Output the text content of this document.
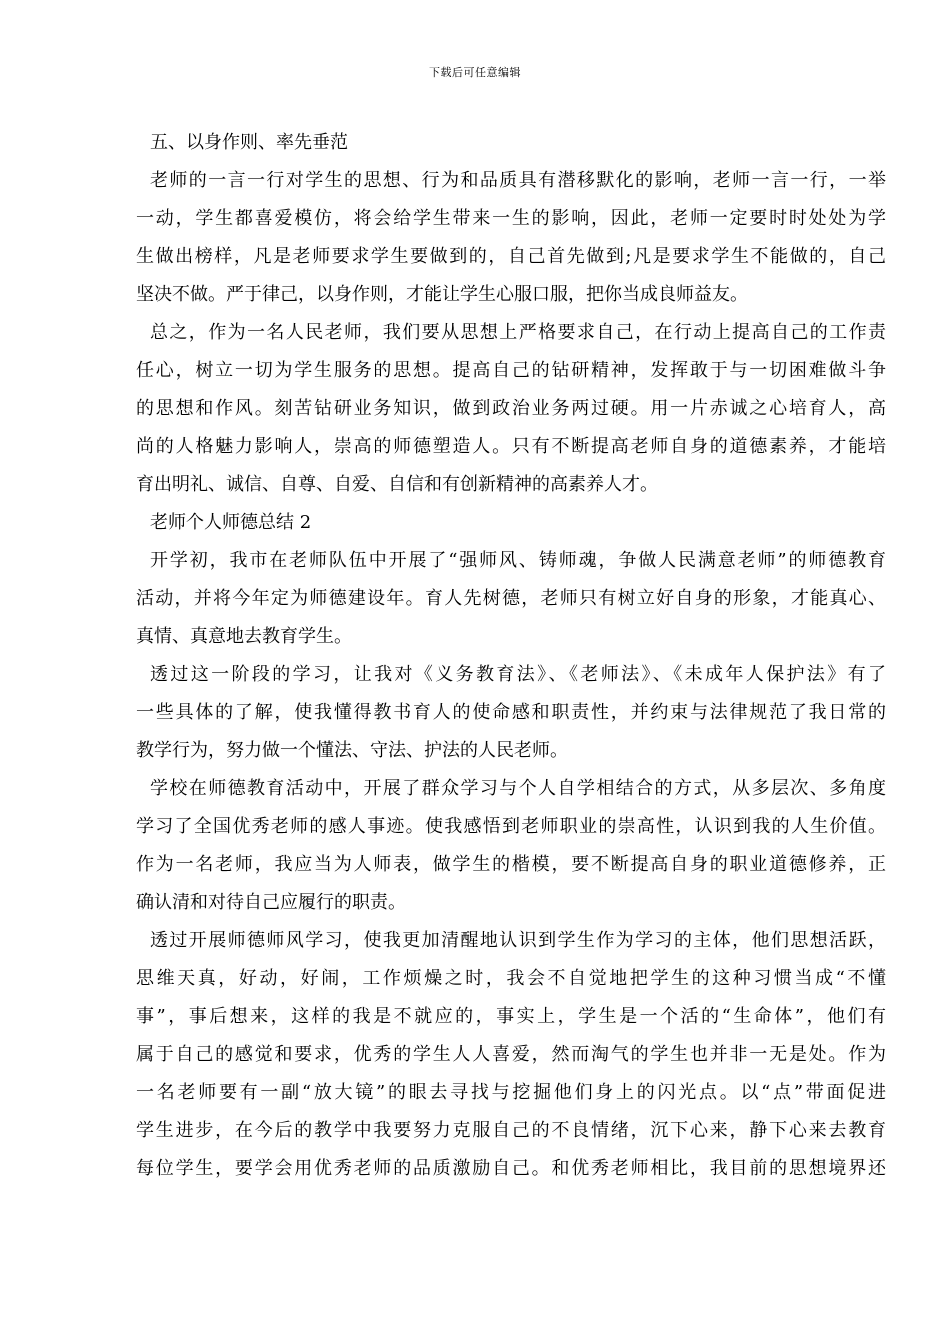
下载后可任意编辑
五、以身作则、率先垂范
老师的一言一行对学生的思想、行为和品质具有潜移默化的影响，老师一言一行，一举
一动，学生都喜爱模仿，将会给学生带来一生的影响，因此，老师一定要时时处处为学
生做出榜样，凡是老师要求学生要做到的，自己首先做到;凡是要求学生不能做的，自己
坚决不做。严于律己，以身作则，才能让学生心服口服，把你当成良师益友。
总之，作为一名人民老师，我们要从思想上严格要求自己，在行动上提高自己的工作责
任心，树立一切为学生服务的思想。提高自己的钻研精神，发挥敢于与一切困难做斗争
的思想和作风。刻苦钻研业务知识，做到政治业务两过硬。用一片赤诚之心培育人，高
尚的人格魅力影响人，崇高的师德塑造人。只有不断提高老师自身的道德素养，才能培
育出明礼、诚信、自尊、自爱、自信和有创新精神的高素养人才。
老师个人师德总结 2
开学初，我市在老师队伍中开展了“强师风、铸师魂，争做人民满意老师”的师德教育
活动，并将今年定为师德建设年。育人先树德，老师只有树立好自身的形象，才能真心、
真情、真意地去教育学生。
透过这一阶段的学习，让我对《义务教育法》、《老师法》、《未成年人保护法》有了
一些具体的了解，使我懂得教书育人的使命感和职责性，并约束与法律规范了我日常的
教学行为，努力做一个懂法、守法、护法的人民老师。
学校在师德教育活动中，开展了群众学习与个人自学相结合的方式，从多层次、多角度
学习了全国优秀老师的感人事迹。使我感悟到老师职业的崇高性，认识到我的人生价值。
作为一名老师，我应当为人师表，做学生的楷模，要不断提高自身的职业道德修养，正
确认清和对待自己应履行的职责。
透过开展师德师风学习，使我更加清醒地认识到学生作为学习的主体，他们思想活跃，
思维天真，好动，好闹，工作烦燥之时，我会不自觉地把学生的这种习惯当成“不懂
事”，事后想来，这样的我是不就应的，事实上，学生是一个活的“生命体”，他们有
属于自己的感觉和要求，优秀的学生人人喜爱，然而淘气的学生也并非一无是处。作为
一名老师要有一副“放大镜”的眼去寻找与挖掘他们身上的闪光点。以“点”带面促进
学生进步，在今后的教学中我要努力克服自己的不良情绪，沉下心来，静下心来去教育
每位学生，要学会用优秀老师的品质激励自己。和优秀老师相比，我目前的思想境界还
